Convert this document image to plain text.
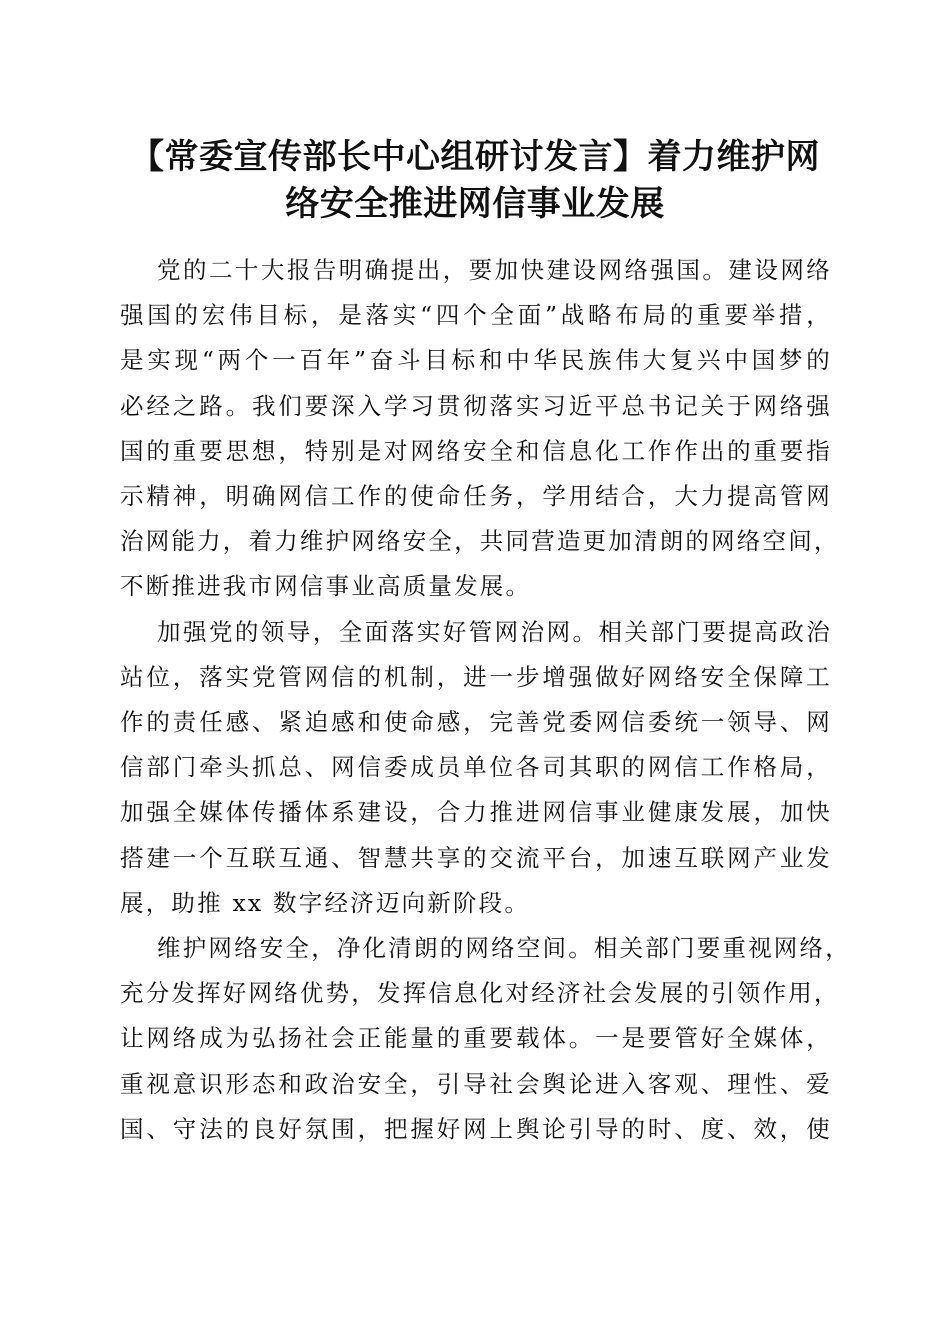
【常委宣传部长中心组研讨发言】着力维护网
络安全推进网信事业发展

党的二十大报告明确提出，要加快建设网络强国。建设网络
强国的宏伟目标，是落实“四个全面”战略布局的重要举措，
是实现“两个一百年”奋斗目标和中华民族伟大复兴中国梦的
必经之路。我们要深入学习贯彻落实习近平总书记关于网络强
国的重要思想，特别是对网络安全和信息化工作作出的重要指
示精神，明确网信工作的使命任务，学用结合，大力提高管网
治网能力，着力维护网络安全，共同营造更加清朗的网络空间，
不断推进我市网信事业高质量发展。

加强党的领导，全面落实好管网治网。相关部门要提高政治
站位，落实党管网信的机制，进一步增强做好网络安全保障工
作的责任感、紧迫感和使命感，完善党委网信委统一领导、网
信部门牵头抓总、网信委成员单位各司其职的网信工作格局，
加强全媒体传播体系建设，合力推进网信事业健康发展，加快
搭建一个互联互通、智慧共享的交流平台，加速互联网产业发
展，助推 xx 数字经济迈向新阶段。

维护网络安全，净化清朗的网络空间。相关部门要重视网络，
充分发挥好网络优势，发挥信息化对经济社会发展的引领作用，
让网络成为弘扬社会正能量的重要载体。一是要管好全媒体，
重视意识形态和政治安全，引导社会舆论进入客观、理性、爱
国、守法的良好氛围，把握好网上舆论引导的时、度、效，使
